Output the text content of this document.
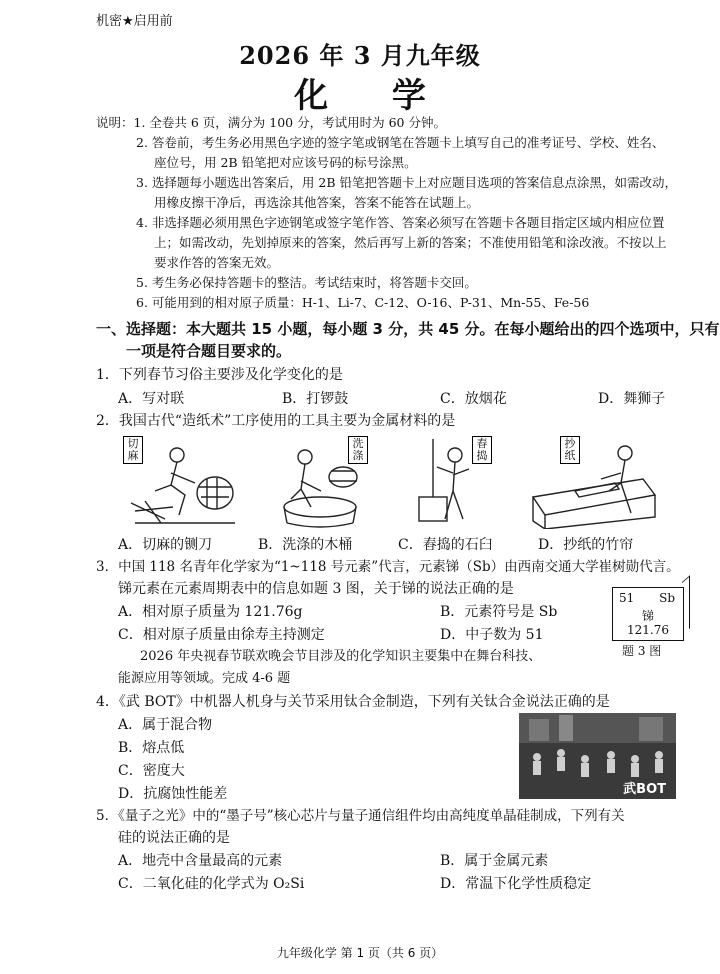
机密★启用前
2026 年 3 月九年级
化 学
说明：1. 全卷共 6 页，满分为 100 分，考试用时为 60 分钟。
2. 答卷前，考生务必用黑色字迹的签字笔或钢笔在答题卡上填写自己的准考证号、学校、姓名、
座位号，用 2B 铅笔把对应该号码的标号涂黑。
3. 选择题每小题选出答案后，用 2B 铅笔把答题卡上对应题目选项的答案信息点涂黑，如需改动，
用橡皮擦干净后，再选涂其他答案，答案不能答在试题上。
4. 非选择题必须用黑色字迹钢笔或签字笔作答、答案必须写在答题卡各题目指定区域内相应位置
上；如需改动，先划掉原来的答案，然后再写上新的答案；不准使用铅笔和涂改液。不按以上
要求作答的答案无效。
5. 考生务必保持答题卡的整洁。考试结束时，将答题卡交回。
6. 可能用到的相对原子质量：H-1、Li-7、C-12、O-16、P-31、Mn-55、Fe-56
一、选择题：本大题共 15 小题，每小题 3 分，共 45 分。在每小题给出的四个选项中，只有
一项是符合题目要求的。
1．下列春节习俗主要涉及化学变化的是
A．写对联	B．打锣鼓	C．放烟花	D．舞狮子
2．我国古代“造纸术”工序使用的工具主要为金属材料的是
切麻
洗涤
舂捣
抄纸
A．切麻的铡刀	B．洗涤的木桶	C．舂捣的石臼	D．抄纸的竹帘
3．中国 118 名青年化学家为“1~118 号元素”代言，元素锑（Sb）由西南交通大学崔树勋代言。
锑元素在元素周期表中的信息如题 3 图，关于锑的说法正确的是
A．相对原子质量为 121.76g	B．元素符号是 Sb
C．相对原子质量由徐寿主持测定	D．中子数为 51
51 Sb
锑
121.76
题 3 图
2026 年央视春节联欢晚会节目涉及的化学知识主要集中在舞台科技、
能源应用等领域。完成 4-6 题
4．《武 BOT》中机器人机身与关节采用钛合金制造，下列有关钛合金说法正确的是
A．属于混合物
B．熔点低
C．密度大
D．抗腐蚀性能差	武BOT
5．《量子之光》中的“墨子号”核心芯片与量子通信组件均由高纯度单晶硅制成，下列有关
硅的说法正确的是
A．地壳中含量最高的元素	B．属于金属元素
C．二氧化硅的化学式为 O₂Si	D．常温下化学性质稳定
九年级化学 第 1 页（共 6 页）
